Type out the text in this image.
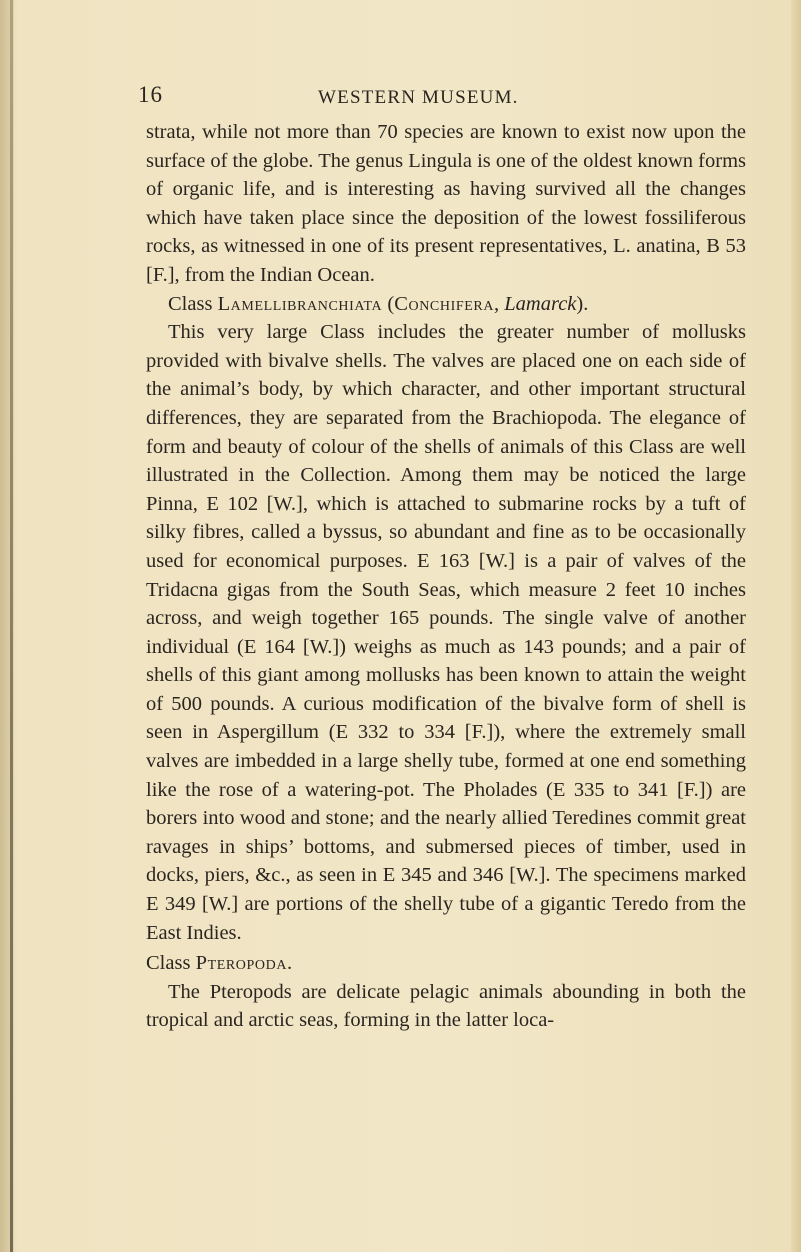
16	WESTERN MUSEUM.

strata, while not more than 70 species are known to exist now upon the surface of the globe. The genus Lingula is one of the oldest known forms of organic life, and is interesting as having survived all the changes which have taken place since the deposition of the lowest fossiliferous rocks, as witnessed in one of its present representatives, L. anatina, B 53 [F.], from the Indian Ocean.

Class Lamellibranchiata (Conchifera, Lamarck).

This very large Class includes the greater number of mollusks provided with bivalve shells. The valves are placed one on each side of the animal’s body, by which character, and other important structural differences, they are separated from the Brachiopoda. The elegance of form and beauty of colour of the shells of animals of this Class are well illustrated in the Collection. Among them may be noticed the large Pinna, E 102 [W.], which is attached to submarine rocks by a tuft of silky fibres, called a byssus, so abundant and fine as to be occasionally used for economical purposes. E 163 [W.] is a pair of valves of the Tridacna gigas from the South Seas, which measure 2 feet 10 inches across, and weigh together 165 pounds. The single valve of another individual (E 164 [W.]) weighs as much as 143 pounds; and a pair of shells of this giant among mollusks has been known to attain the weight of 500 pounds. A curious modification of the bivalve form of shell is seen in Aspergillum (E 332 to 334 [F.]), where the extremely small valves are imbedded in a large shelly tube, formed at one end something like the rose of a watering-pot. The Pholades (E 335 to 341 [F.]) are borers into wood and stone; and the nearly allied Teredines commit great ravages in ships’ bottoms, and submersed pieces of timber, used in docks, piers, &c., as seen in E 345 and 346 [W.]. The specimens marked E 349 [W.] are portions of the shelly tube of a gigantic Teredo from the East Indies.

Class Pteropoda.

The Pteropods are delicate pelagic animals abounding in both the tropical and arctic seas, forming in the latter loca-
